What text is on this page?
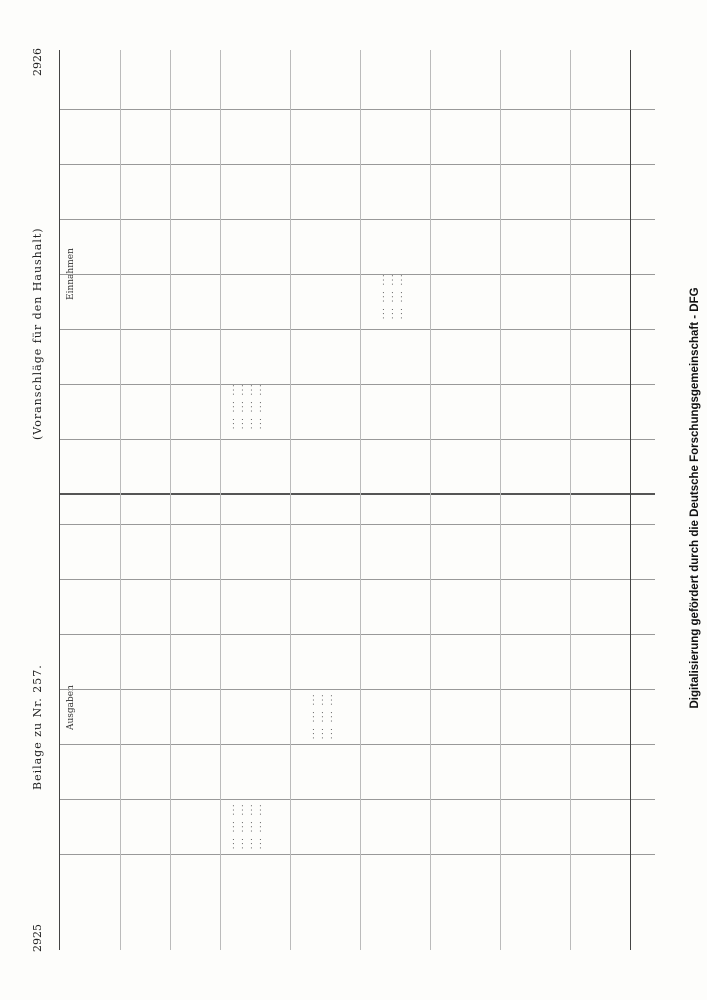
2925
Beilage zu Nr. 257.
(Voranschläge für den Haushalt)
2926
Ausgaben
Einnahmen
··· ··· ···
··· ··· ···
··· ··· ···
··· ··· ···
··· ··· ···
··· ··· ···
··· ··· ···
··· ··· ···
··· ··· ···
··· ··· ···
··· ··· ···
··· ··· ···
··· ··· ···
··· ··· ···
Digitalisierung gefördert durch die Deutsche Forschungsgemeinschaft - DFG
